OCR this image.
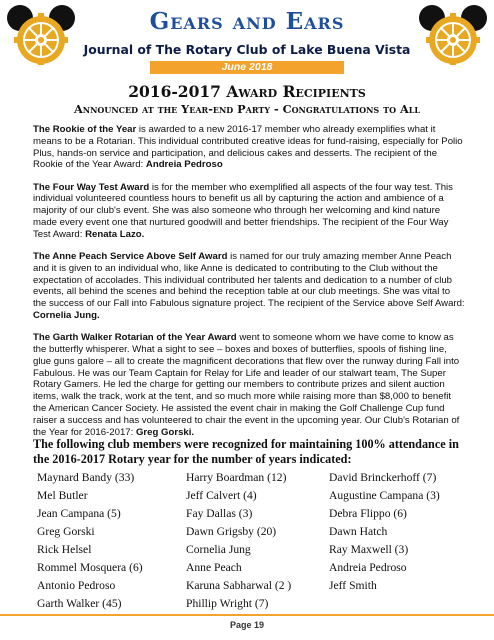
Gears and Ears
Journal of The Rotary Club of Lake Buena Vista
June 2018
2016-2017 Award Recipients
Announced at the Year-end Party - Congratulations to All

The Rookie of the Year is awarded to a new 2016-17 member who already exemplifies what it means to be a Rotarian. This individual contributed creative ideas for fund-raising, especially for Polio Plus, hands-on service and participation, and delicious cakes and desserts. The recipient of the Rookie of the Year Award: Andreia Pedroso

The Four Way Test Award is for the member who exemplified all aspects of the four way test. This individual volunteered countless hours to benefit us all by capturing the action and ambience of a majority of our club's event. She was also someone who through her welcoming and kind nature made every event one that nurtured goodwill and better friendships. The recipient of the Four Way Test Award: Renata Lazo.

The Anne Peach Service Above Self Award is named for our truly amazing member Anne Peach and it is given to an individual who, like Anne is dedicated to contributing to the Club without the expectation of accolades. This individual contributed her talents and dedication to a number of club events, all behind the scenes and behind the reception table at our club meetings. She was vital to the success of our Fall into Fabulous signature project. The recipient of the Service above Self Award: Cornelia Jung.

The Garth Walker Rotarian of the Year Award went to someone whom we have come to know as the butterfly whisperer. What a sight to see – boxes and boxes of butterflies, spools of fishing line, glue guns galore – all to create the magnificent decorations that flew over the runway during Fall into Fabulous. He was our Team Captain for Relay for Life and leader of our stalwart team, The Super Rotary Gamers. He led the charge for getting our members to contribute prizes and silent auction items, walk the track, work at the tent, and so much more while raising more than $8,000 to benefit the American Cancer Society. He assisted the event chair in making the Golf Challenge Cup fund raiser a success and has volunteered to chair the event in the upcoming year. Our Club's Rotarian of the Year for 2016-2017: Greg Gorski.

The following club members were recognized for maintaining 100% attendance in the 2016-2017 Rotary year for the number of years indicated:
Maynard Bandy (33)
Mel Butler
Jean Campana (5)
Greg Gorski
Rick Helsel
Rommel Mosquera (6)
Antonio Pedroso
Garth Walker (45)
Harry Boardman (12)
Jeff Calvert (4)
Fay Dallas (3)
Dawn Grigsby (20)
Cornelia Jung
Anne Peach
Karuna Sabharwal (2 )
Phillip Wright (7)
David Brinckerhoff (7)
Augustine Campana (3)
Debra Flippo (6)
Dawn Hatch
Ray Maxwell (3)
Andreia Pedroso
Jeff Smith
Page 19
